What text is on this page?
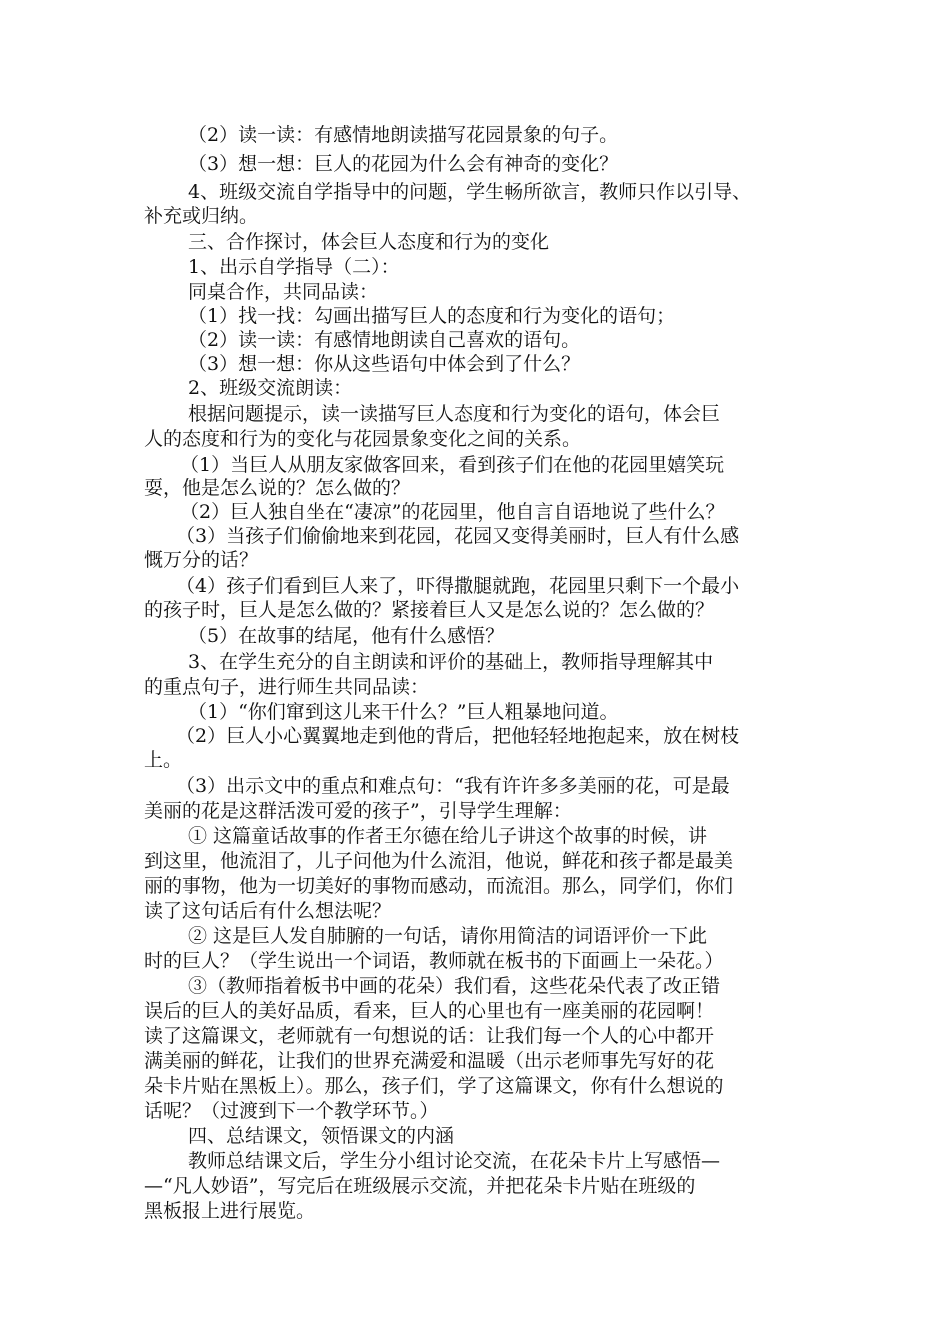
（2）读一读：有感情地朗读描写花园景象的句子。
（3）想一想：巨人的花园为什么会有神奇的变化？
4、班级交流自学指导中的问题，学生畅所欲言，教师只作以引导、
补充或归纳。
三、合作探讨，体会巨人态度和行为的变化
1、出示自学指导（二）：
同桌合作，共同品读：
（1）找一找：勾画出描写巨人的态度和行为变化的语句；
（2）读一读：有感情地朗读自己喜欢的语句。
（3）想一想：你从这些语句中体会到了什么？
2、班级交流朗读：
根据问题提示，读一读描写巨人态度和行为变化的语句，体会巨
人的态度和行为的变化与花园景象变化之间的关系。
（1）当巨人从朋友家做客回来，看到孩子们在他的花园里嬉笑玩
耍，他是怎么说的？怎么做的？
（2）巨人独自坐在“凄凉”的花园里，他自言自语地说了些什么？
（3）当孩子们偷偷地来到花园，花园又变得美丽时，巨人有什么感
慨万分的话？
（4）孩子们看到巨人来了，吓得撒腿就跑，花园里只剩下一个最小
的孩子时，巨人是怎么做的？紧接着巨人又是怎么说的？怎么做的？
（5）在故事的结尾，他有什么感悟？
3、在学生充分的自主朗读和评价的基础上，教师指导理解其中
的重点句子，进行师生共同品读：
（1）“你们窜到这儿来干什么？”巨人粗暴地问道。
（2）巨人小心翼翼地走到他的背后，把他轻轻地抱起来，放在树枝
上。
（3）出示文中的重点和难点句：“我有许许多多美丽的花，可是最
美丽的花是这群活泼可爱的孩子”，引导学生理解：
① 这篇童话故事的作者王尔德在给儿子讲这个故事的时候，讲
到这里，他流泪了，儿子问他为什么流泪，他说，鲜花和孩子都是最美
丽的事物，他为一切美好的事物而感动，而流泪。那么，同学们，你们
读了这句话后有什么想法呢？
② 这是巨人发自肺腑的一句话，请你用简洁的词语评价一下此
时的巨人？（学生说出一个词语，教师就在板书的下面画上一朵花。）
③（教师指着板书中画的花朵）我们看，这些花朵代表了改正错
误后的巨人的美好品质，看来，巨人的心里也有一座美丽的花园啊！
读了这篇课文，老师就有一句想说的话：让我们每一个人的心中都开
满美丽的鲜花，让我们的世界充满爱和温暖（出示老师事先写好的花
朵卡片贴在黑板上）。那么，孩子们，学了这篇课文，你有什么想说的
话呢？（过渡到下一个教学环节。）
四、总结课文，领悟课文的内涵
教师总结课文后，学生分小组讨论交流，在花朵卡片上写感悟—
—“凡人妙语”，写完后在班级展示交流，并把花朵卡片贴在班级的
黑板报上进行展览。
